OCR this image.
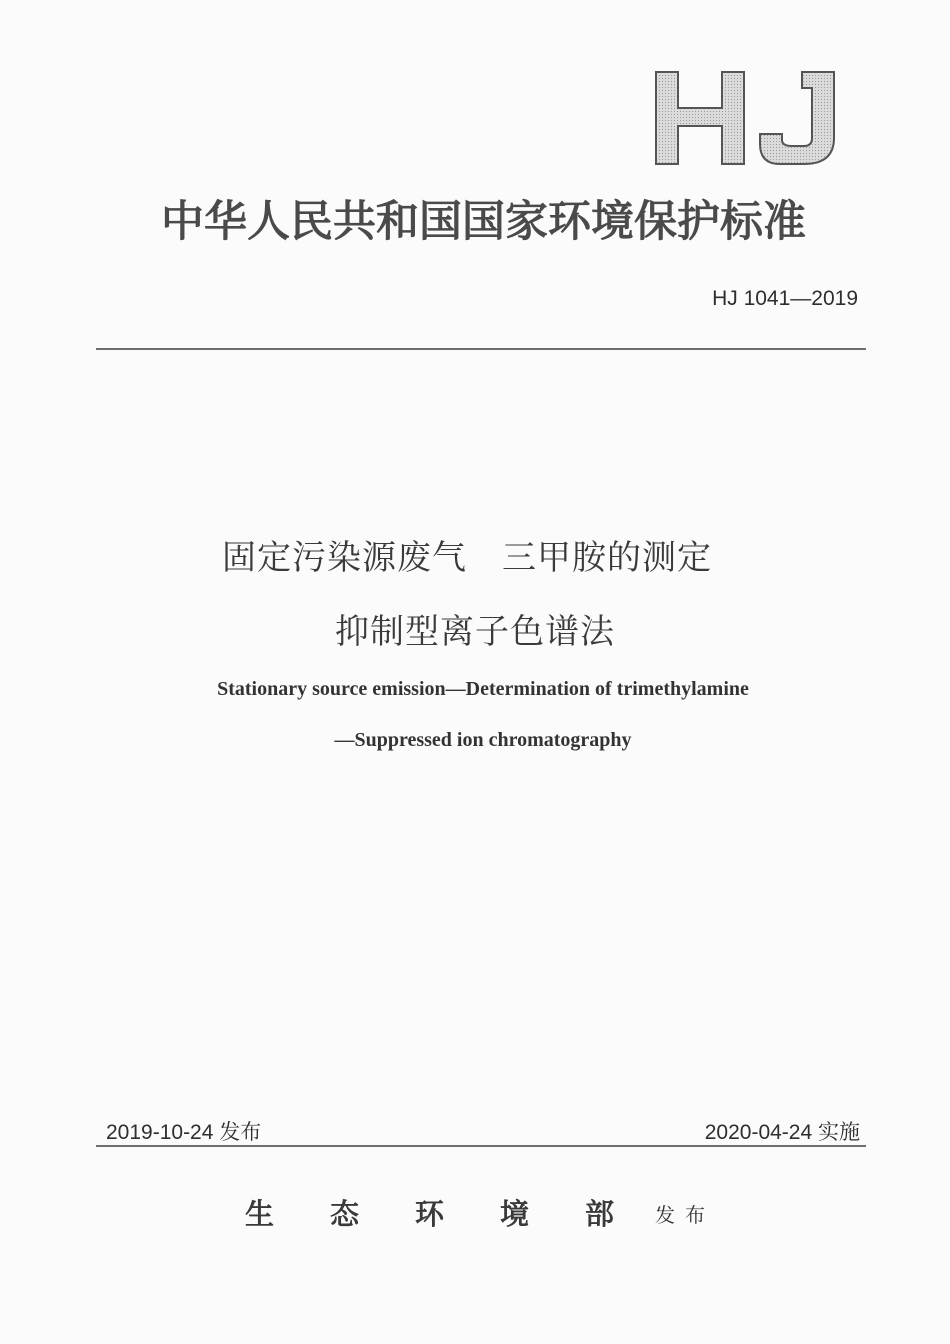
中华人民共和国国家环境保护标准
HJ 1041—2019
固定污染源废气　三甲胺的测定
抑制型离子色谱法
Stationary source emission—Determination of trimethylamine
—Suppressed ion chromatography
2019-10-24 发布	2020-04-24 实施
生态环境部
发布
